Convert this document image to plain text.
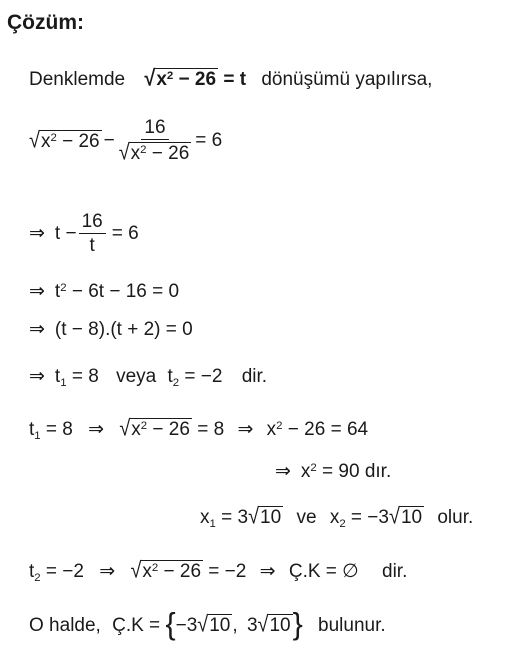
Çözüm:
Denklemde $√x^2 - 26 = t$ dönüşümü yapılırsa,
$√x^2 - 26 - \frac{16}{√x^2 - 26} = 6$
⇒ $t - \frac{16}{t} = 6$
⇒ $t^2 - 6t - 16 = 0$
⇒ (t − 8).(t + 2) = 0
⇒ $t_1 = 8$ veya $t_2 = -2$ dir.
$t_1 = 8$ ⇒ $√x^2 - 26 = 8$ ⇒ $x^2 - 26 = 64$
⇒ $x^2 = 90$ dır.
$x_1 = 3√10$ ve $x_2 = -3√10$ olur.
$t_2 = -2$ ⇒ $√x^2 - 26 = -2$ ⇒ Ç.K = ∅ dir.
O halde, Ç.K = {−3√10 , 3√10} bulunur.
